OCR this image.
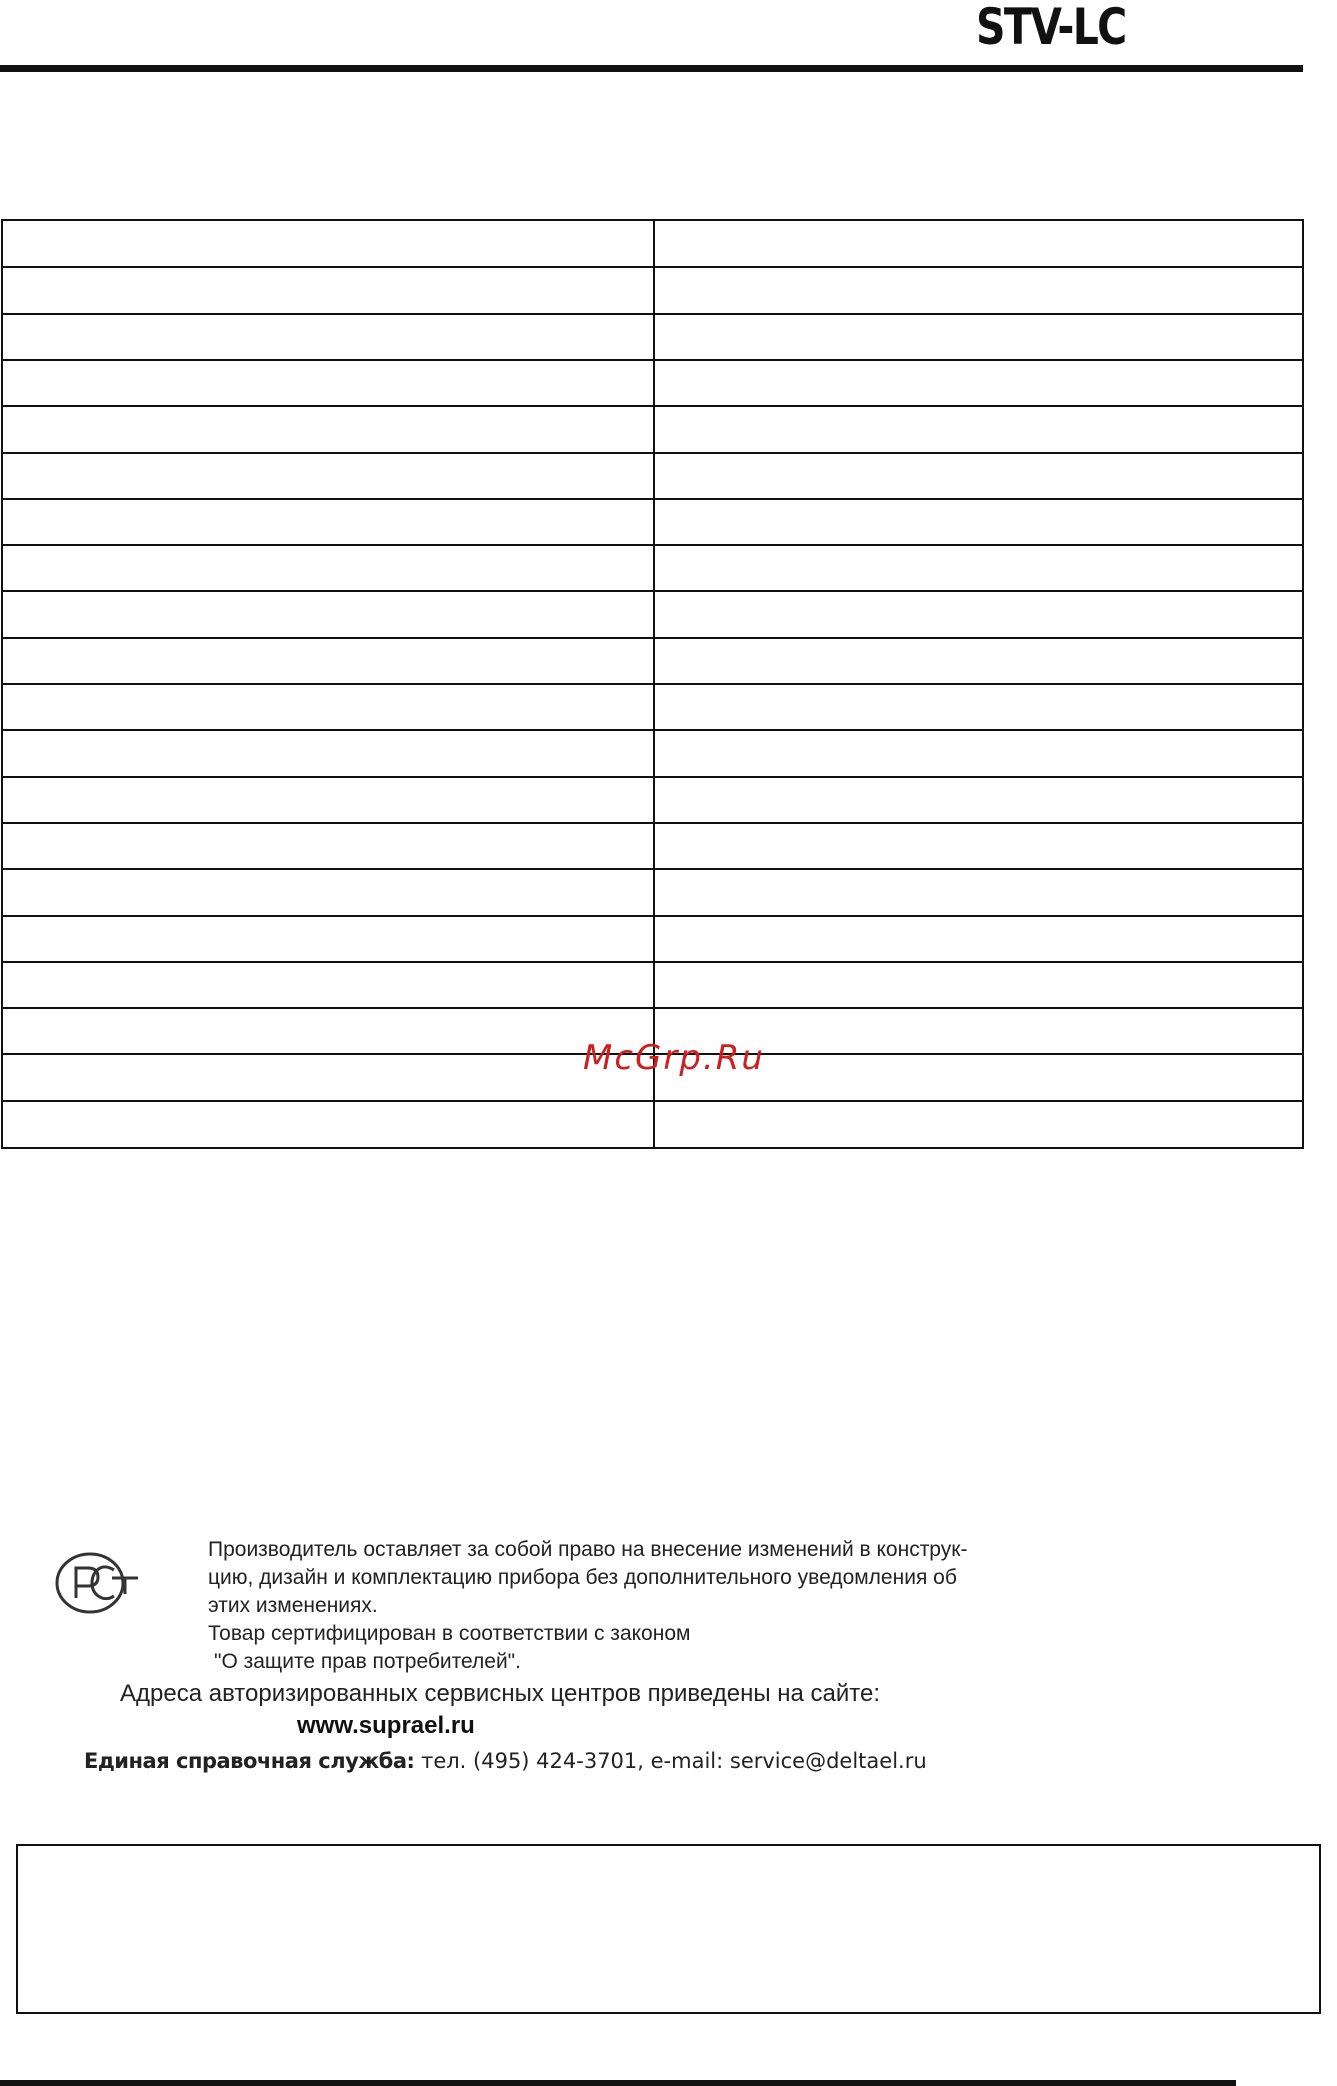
STV-LC
McGrp.Ru

Производитель оставляет за собой право на внесение изменений в конструк-

цию, дизайн и комплектацию прибора без дополнительного уведомления об

этих изменениях.

Товар сертифицирован в соответствии с законом

"О защите прав потребителей".

Адреса авторизированных сервисных центров приведены на сайте:
www.suprael.ru
Единая справочная служба: тел. (495) 424-3701, e-mail: service@deltael.ru
